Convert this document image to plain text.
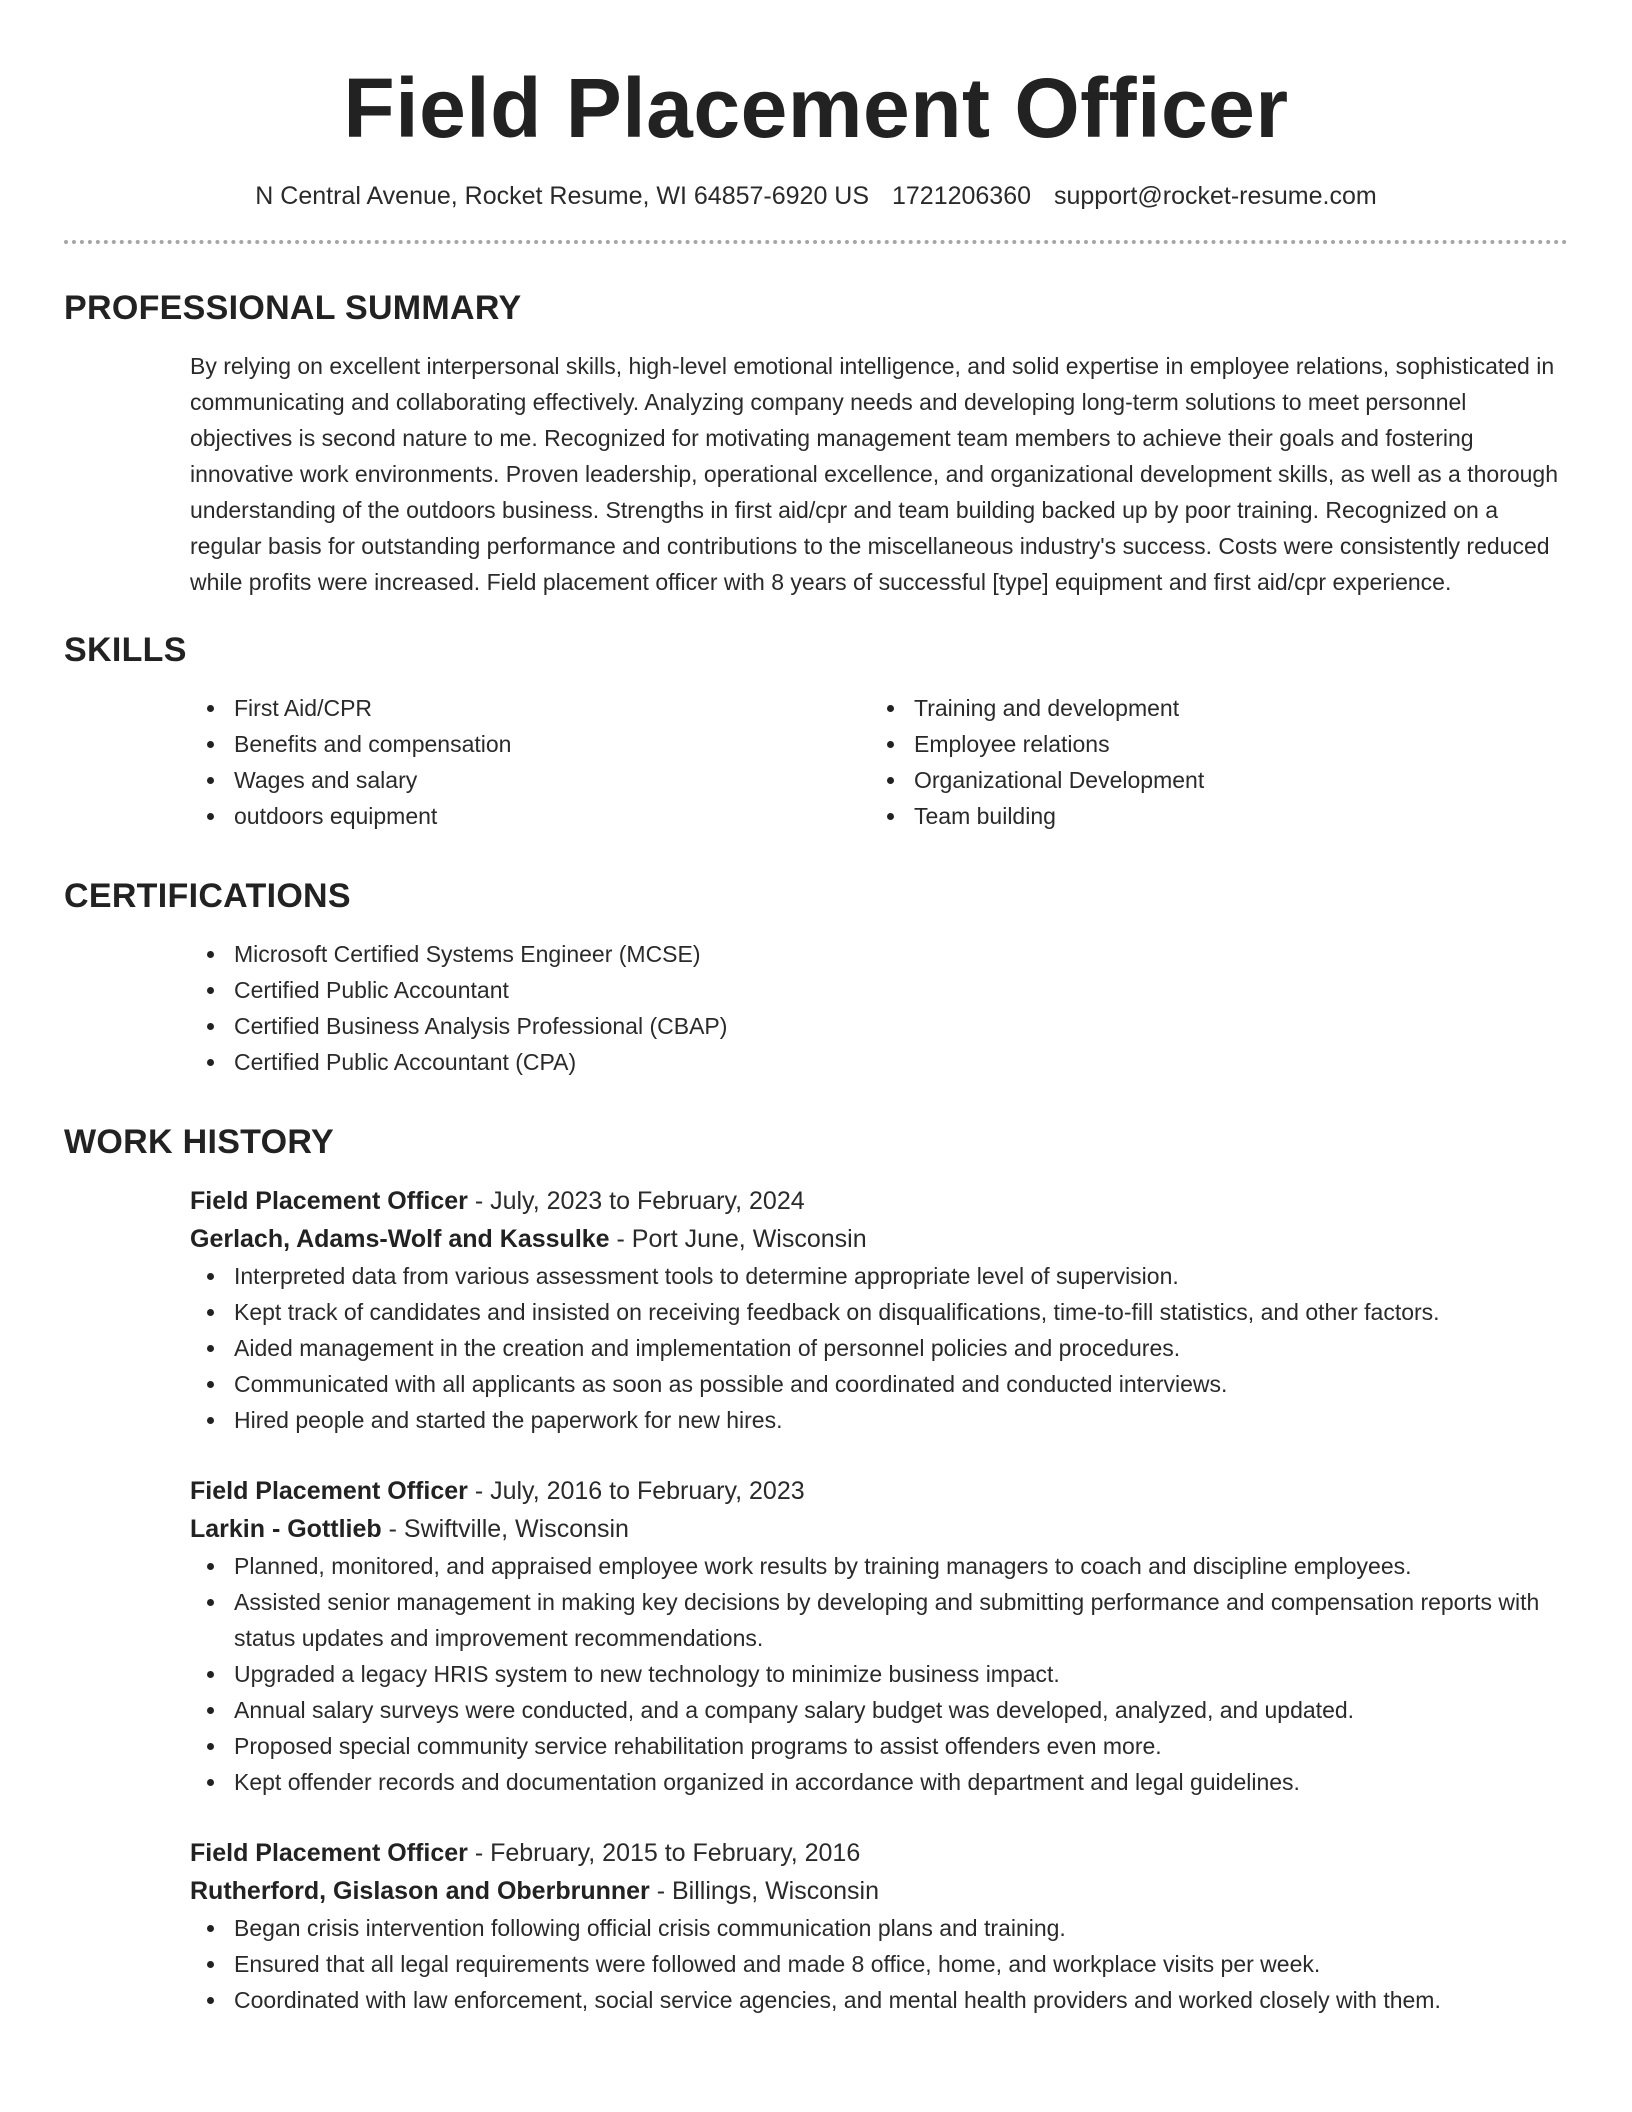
Field Placement Officer
N Central Avenue, Rocket Resume, WI 64857-6920 US 1721206360 support@rocket-resume.com
PROFESSIONAL SUMMARY
By relying on excellent interpersonal skills, high-level emotional intelligence, and solid expertise in employee relations, sophisticated in communicating and collaborating effectively. Analyzing company needs and developing long-term solutions to meet personnel objectives is second nature to me. Recognized for motivating management team members to achieve their goals and fostering innovative work environments. Proven leadership, operational excellence, and organizational development skills, as well as a thorough understanding of the outdoors business. Strengths in first aid/cpr and team building backed up by poor training. Recognized on a regular basis for outstanding performance and contributions to the miscellaneous industry's success. Costs were consistently reduced while profits were increased. Field placement officer with 8 years of successful [type] equipment and first aid/cpr experience.
SKILLS
First Aid/CPR
Benefits and compensation
Wages and salary
outdoors equipment
Training and development
Employee relations
Organizational Development
Team building
CERTIFICATIONS
Microsoft Certified Systems Engineer (MCSE)
Certified Public Accountant
Certified Business Analysis Professional (CBAP)
Certified Public Accountant (CPA)
WORK HISTORY
Field Placement Officer - July, 2023 to February, 2024
Gerlach, Adams-Wolf and Kassulke - Port June, Wisconsin
Interpreted data from various assessment tools to determine appropriate level of supervision.
Kept track of candidates and insisted on receiving feedback on disqualifications, time-to-fill statistics, and other factors.
Aided management in the creation and implementation of personnel policies and procedures.
Communicated with all applicants as soon as possible and coordinated and conducted interviews.
Hired people and started the paperwork for new hires.
Field Placement Officer - July, 2016 to February, 2023
Larkin - Gottlieb - Swiftville, Wisconsin
Planned, monitored, and appraised employee work results by training managers to coach and discipline employees.
Assisted senior management in making key decisions by developing and submitting performance and compensation reports with status updates and improvement recommendations.
Upgraded a legacy HRIS system to new technology to minimize business impact.
Annual salary surveys were conducted, and a company salary budget was developed, analyzed, and updated.
Proposed special community service rehabilitation programs to assist offenders even more.
Kept offender records and documentation organized in accordance with department and legal guidelines.
Field Placement Officer - February, 2015 to February, 2016
Rutherford, Gislason and Oberbrunner - Billings, Wisconsin
Began crisis intervention following official crisis communication plans and training.
Ensured that all legal requirements were followed and made 8 office, home, and workplace visits per week.
Coordinated with law enforcement, social service agencies, and mental health providers and worked closely with them.
